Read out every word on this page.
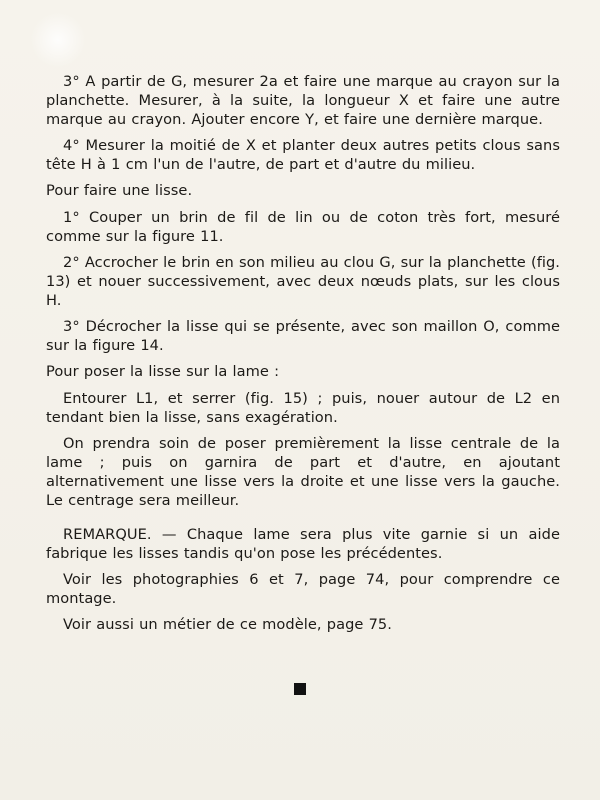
3° A partir de G, mesurer 2a et faire une marque au crayon sur la planchette. Mesurer, à la suite, la longueur X et faire une autre marque au crayon. Ajouter encore Y, et faire une dernière marque.

4° Mesurer la moitié de X et planter deux autres petits clous sans tête H à 1 cm l'un de l'autre, de part et d'autre du milieu.

Pour faire une lisse.

1° Couper un brin de fil de lin ou de coton très fort, mesuré comme sur la figure 11.

2° Accrocher le brin en son milieu au clou G, sur la planchette (fig. 13) et nouer successivement, avec deux nœuds plats, sur les clous H.

3° Décrocher la lisse qui se présente, avec son maillon O, comme sur la figure 14.

Pour poser la lisse sur la lame :

Entourer L1, et serrer (fig. 15) ; puis, nouer autour de L2 en tendant bien la lisse, sans exagération.

On prendra soin de poser premièrement la lisse centrale de la lame ; puis on garnira de part et d'autre, en ajoutant alternativement une lisse vers la droite et une lisse vers la gauche. Le centrage sera meilleur.

REMARQUE. — Chaque lame sera plus vite garnie si un aide fabrique les lisses tandis qu'on pose les précédentes.

Voir les photographies 6 et 7, page 74, pour comprendre ce montage.

Voir aussi un métier de ce modèle, page 75.
